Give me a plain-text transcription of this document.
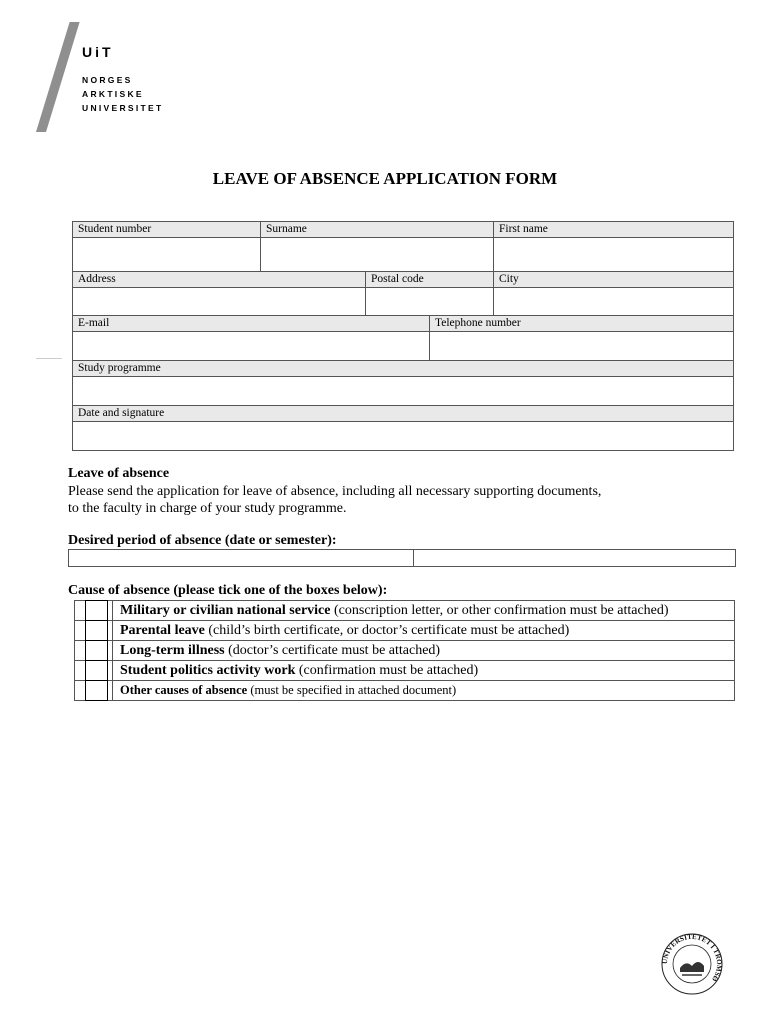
UiT
NORGES
ARKTISKE
UNIVERSITET
LEAVE OF ABSENCE APPLICATION FORM
Student number	Surname	First name
Address	Postal code	City
E-mail	Telephone number
Study programme
Date and signature
Leave of absence
Please send the application for leave of absence, including all necessary supporting documents,
to the faculty in charge of your study programme.
Desired period of absence (date or semester):
Cause of absence (please tick one of the boxes below):
Military or civilian national service (conscription letter, or other confirmation must be attached)
Parental leave (child’s birth certificate, or doctor’s certificate must be attached)
Long-term illness (doctor’s certificate must be attached)
Student politics activity work (confirmation must be attached)
Other causes of absence (must be specified in attached document)
UNIVERSITETET I TROMSØ
